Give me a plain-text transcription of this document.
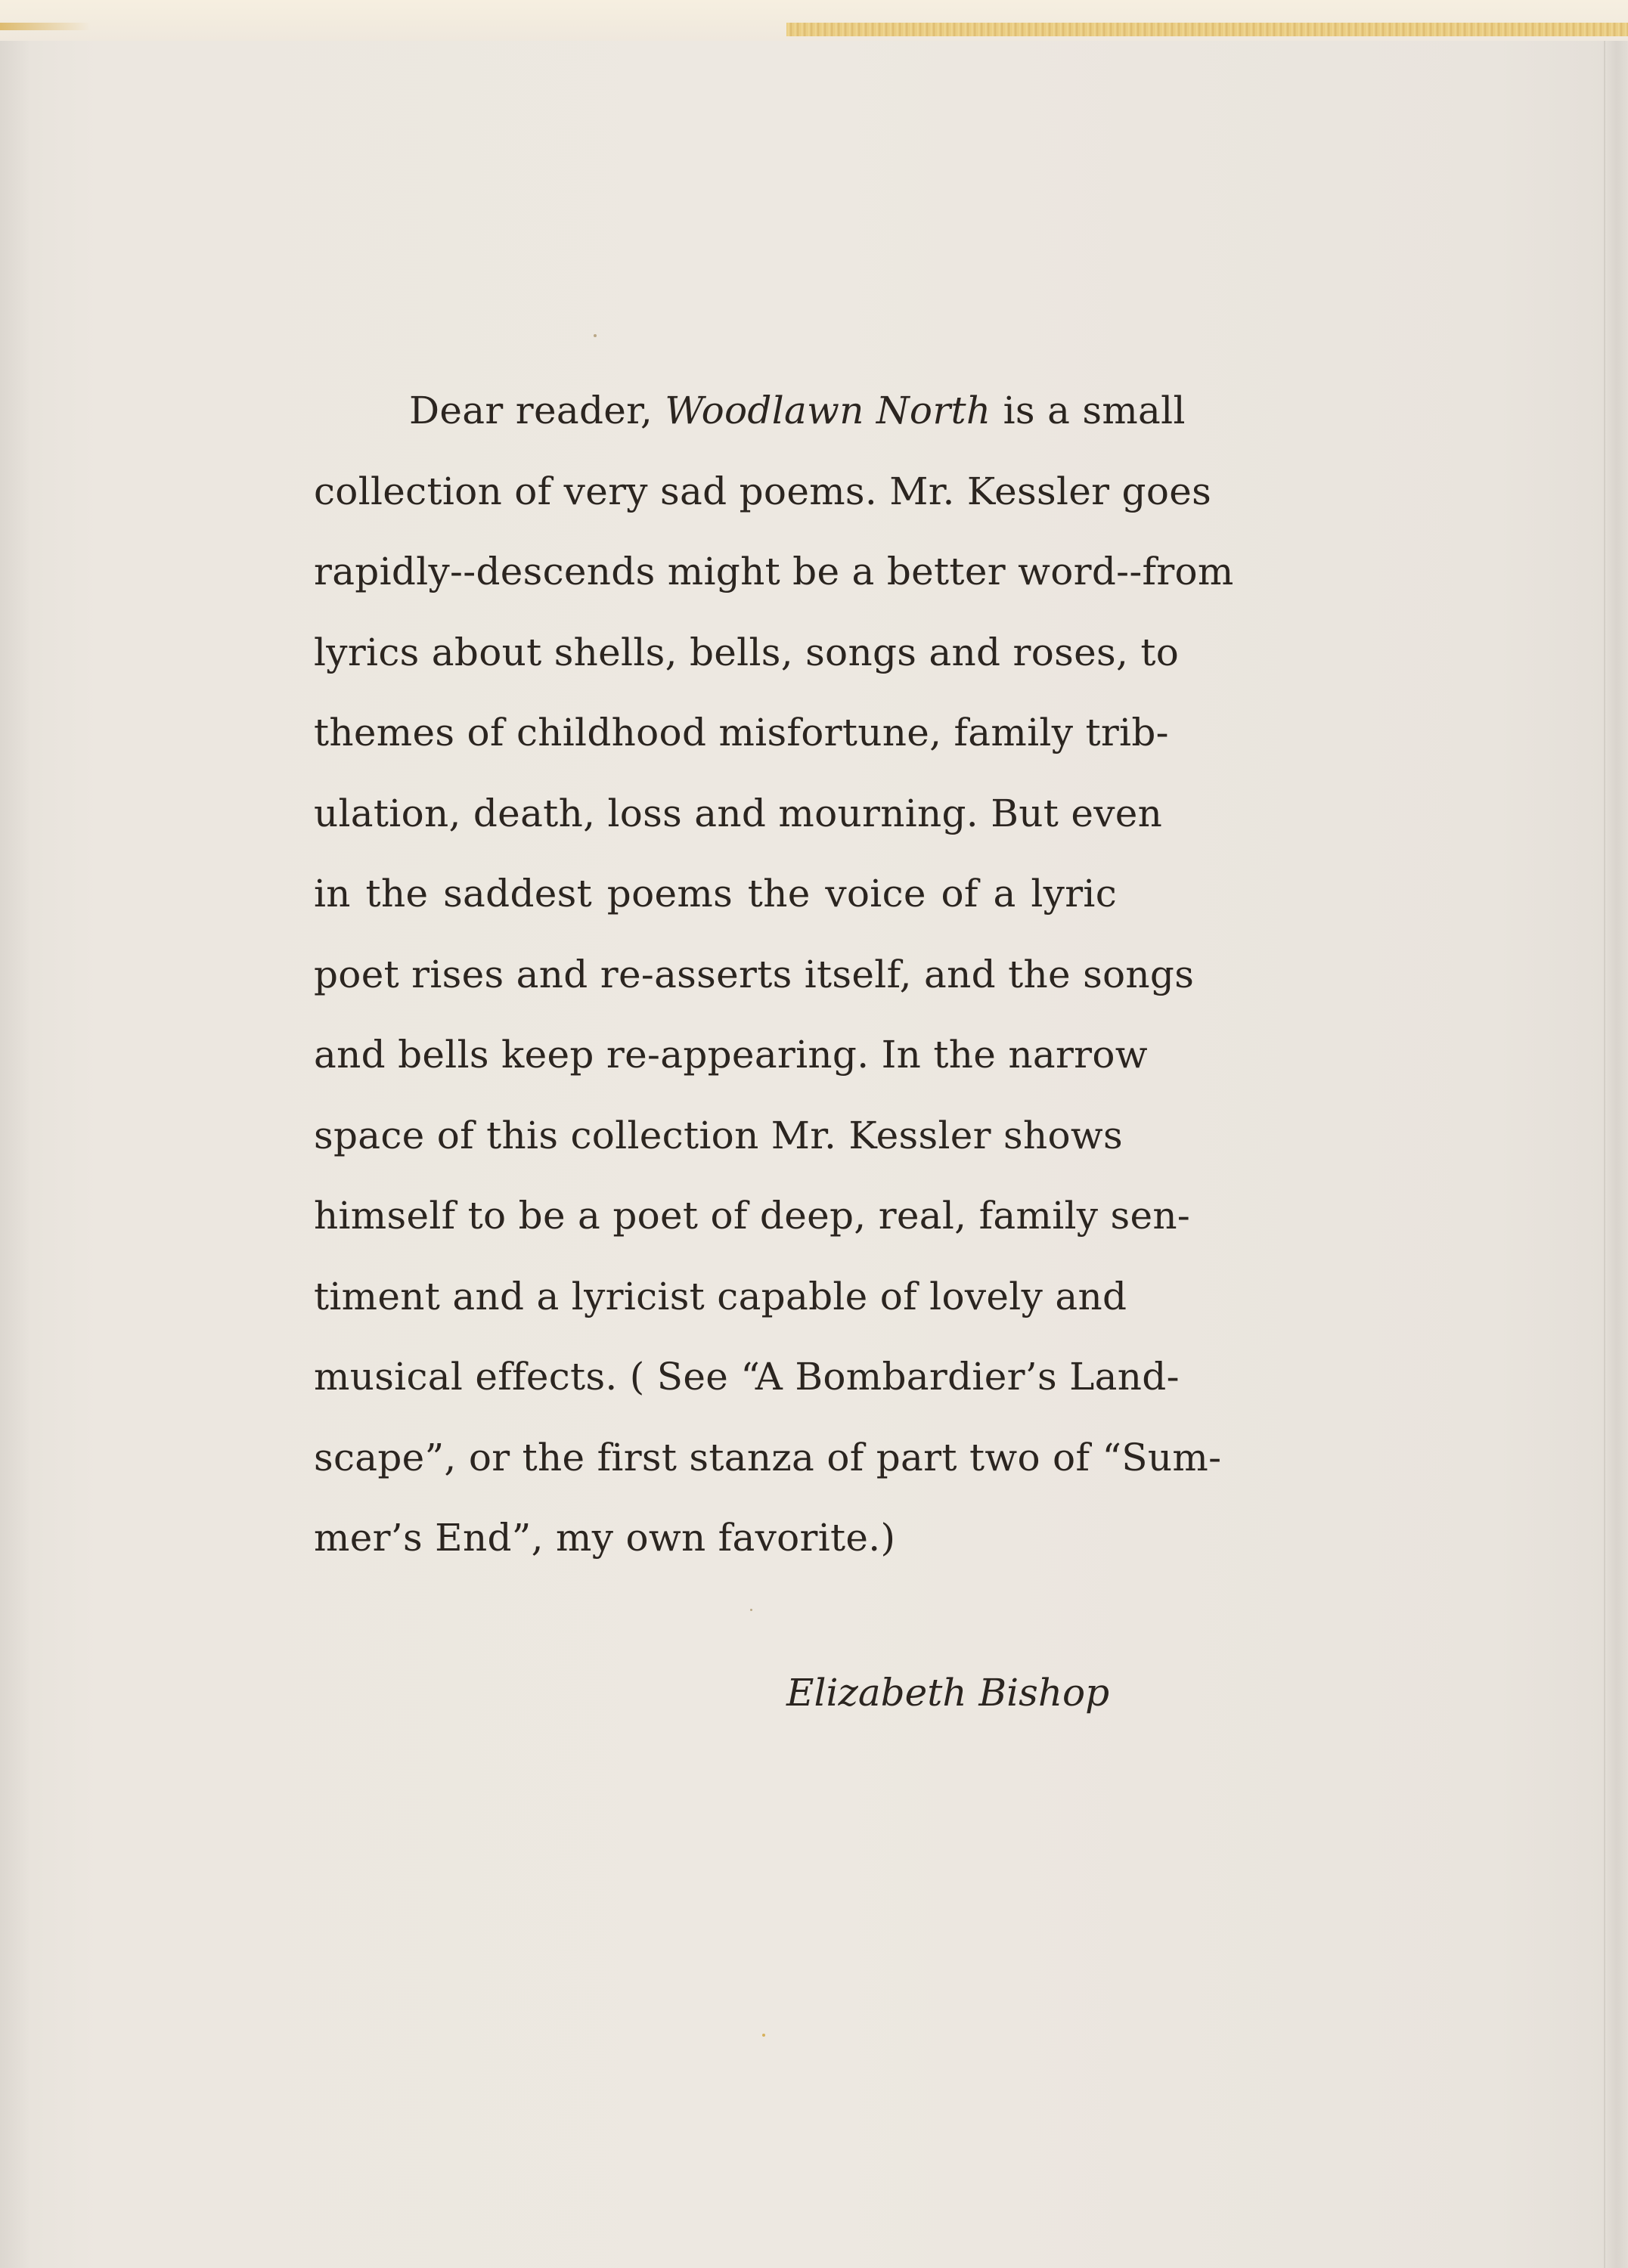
Dear reader, Woodlawn North is a small
collection of very sad poems. Mr. Kessler goes
rapidly--descends might be a better word--from
lyrics about shells, bells, songs and roses, to
themes of childhood misfortune, family trib-
ulation, death, loss and mourning. But even
in the saddest poems the voice of a lyric
poet rises and re-asserts itself, and the songs
and bells keep re-appearing. In the narrow
space of this collection Mr. Kessler shows
himself to be a poet of deep, real, family sen-
timent and a lyricist capable of lovely and
musical effects. ( See “A Bombardier’s Land-
scape”, or the first stanza of part two of “Sum-
mer’s End”, my own favorite.)
Elizabeth Bishop
